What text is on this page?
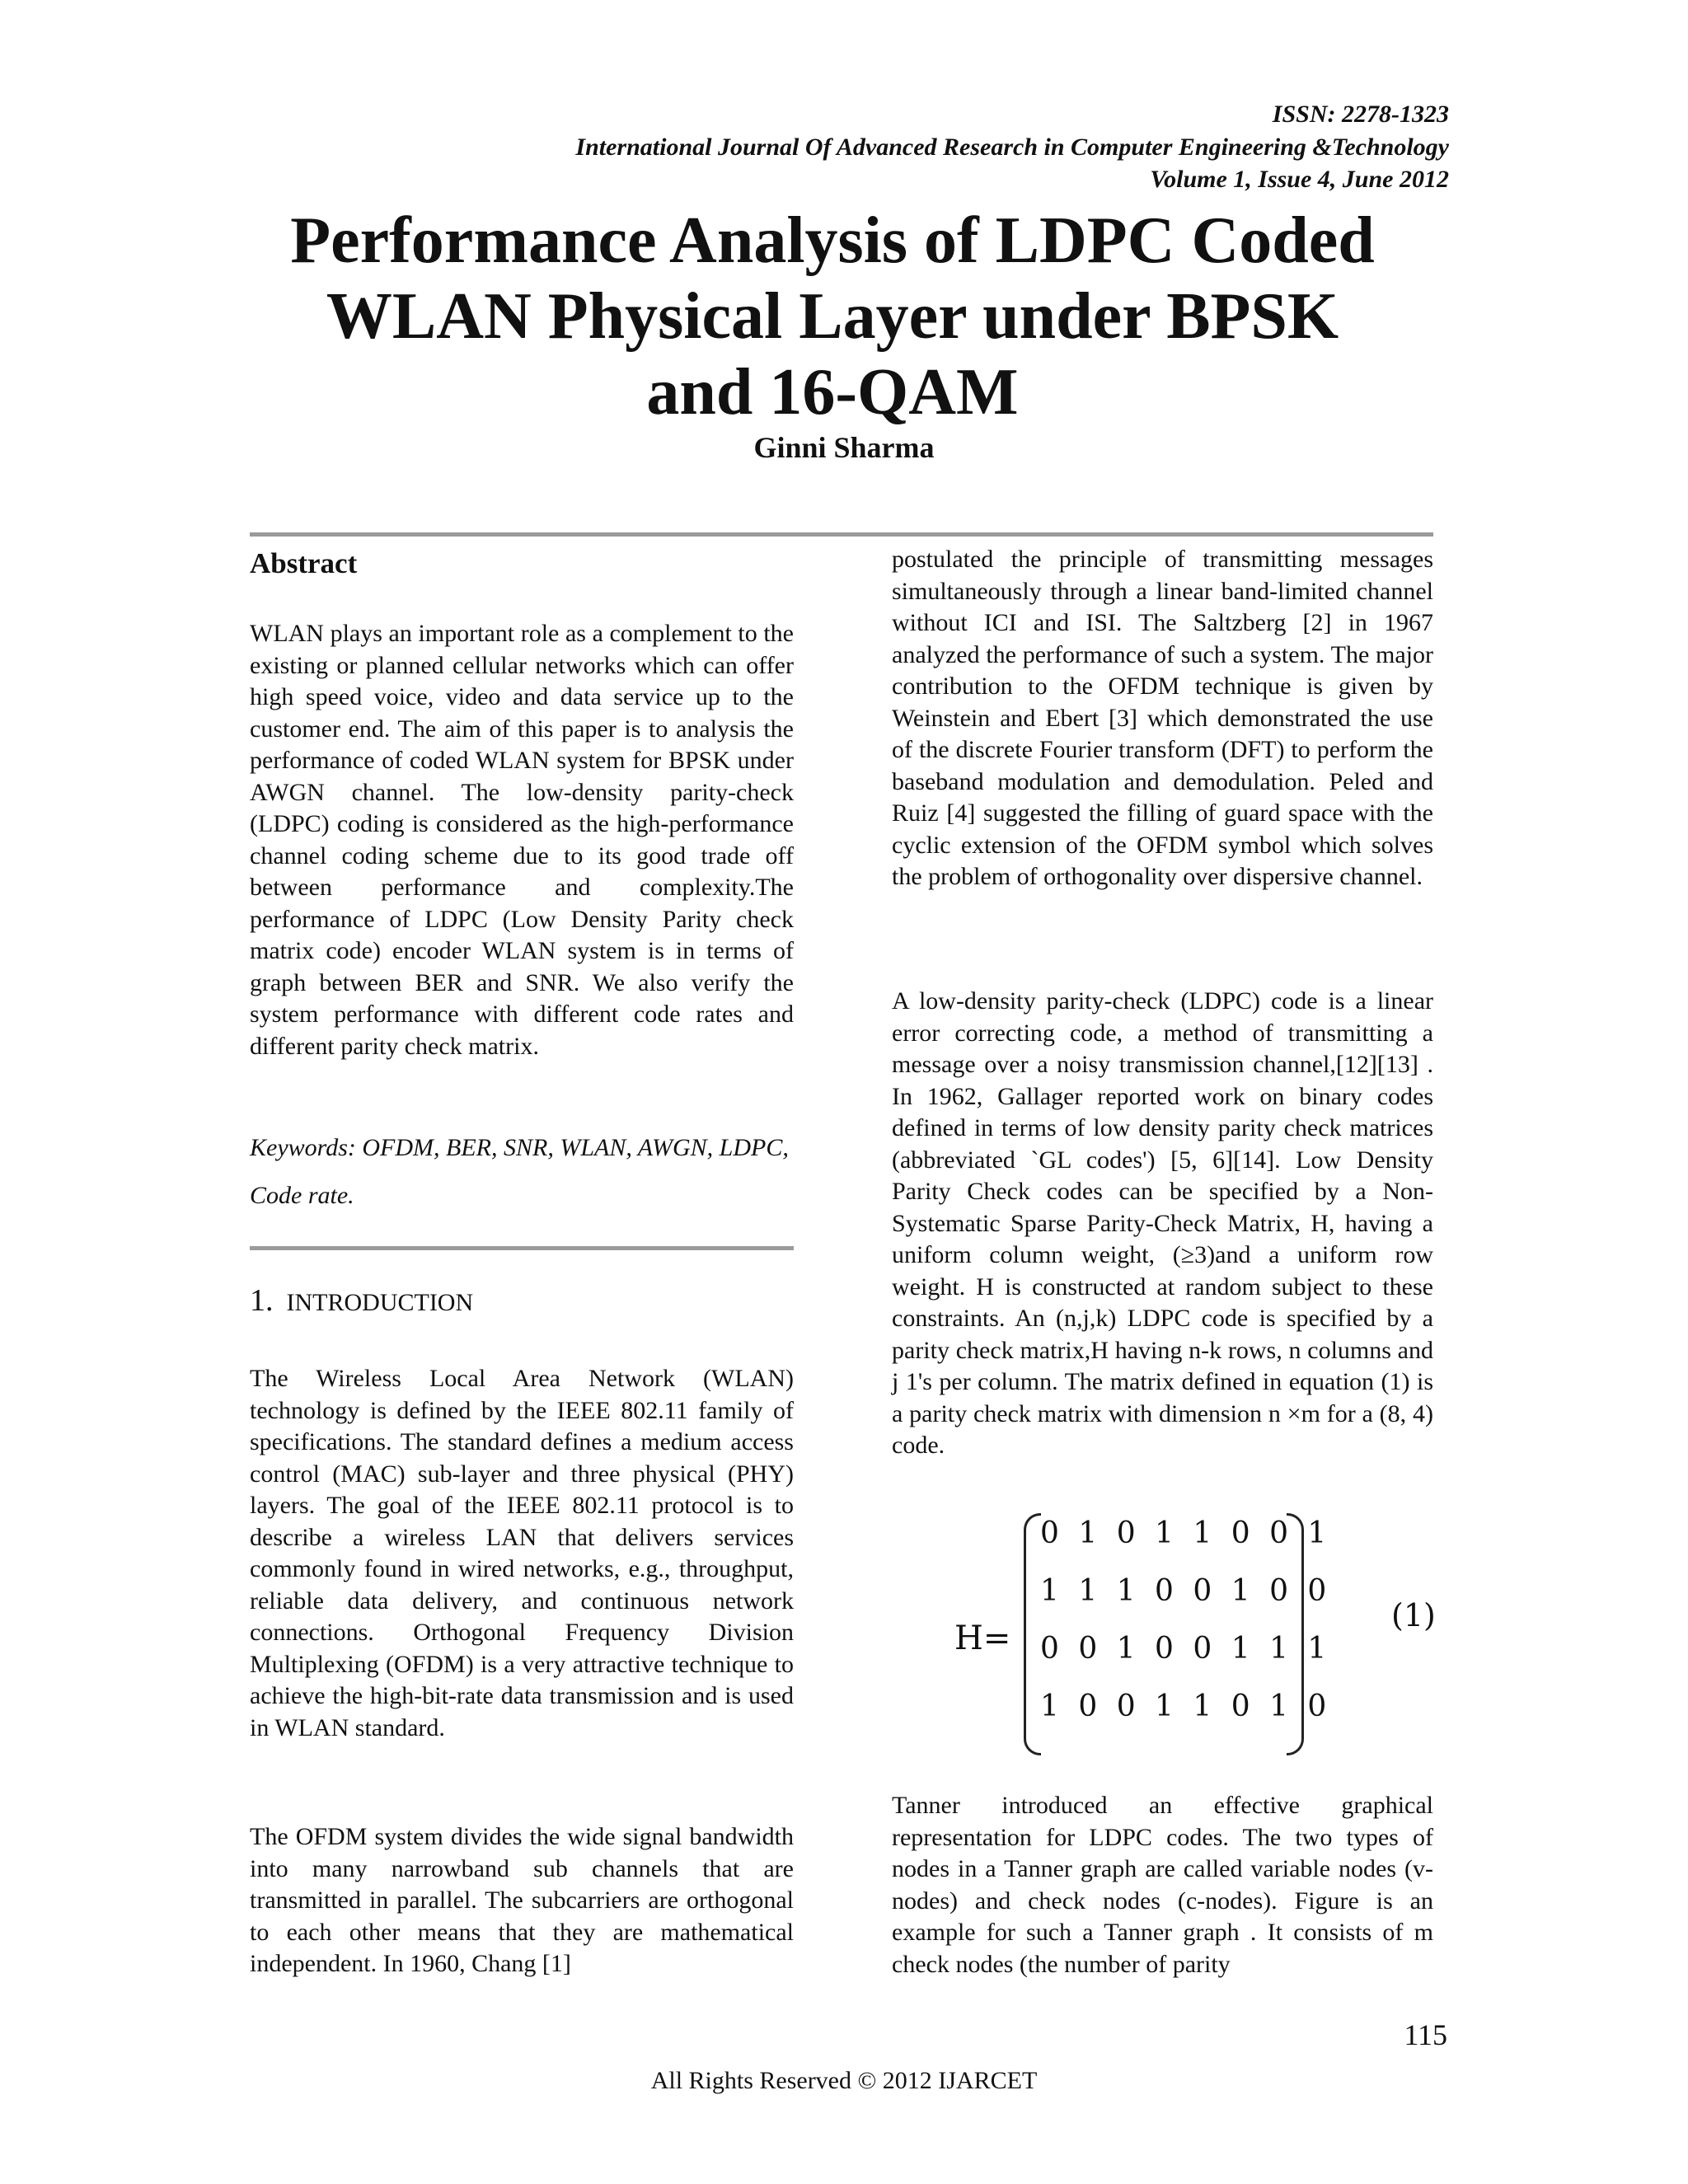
ISSN: 2278-1323
International Journal Of Advanced Research in Computer Engineering &Technology
Volume 1, Issue 4, June 2012
Performance Analysis of LDPC Coded
WLAN Physical Layer under BPSK
and 16-QAM
Ginni Sharma
Abstract

WLAN plays an important role as a complement to the existing or planned cellular networks which can offer high speed voice, video and data service up to the customer end. The aim of this paper is to analysis the performance of coded WLAN system for BPSK under AWGN channel. The low-density parity-check (LDPC) coding is considered as the high-performance channel coding scheme due to its good trade off between performance and complexity.The performance of LDPC (Low Density Parity check matrix code) encoder WLAN system is in terms of graph between BER and SNR. We also verify the system performance with different code rates and different parity check matrix.

Keywords: OFDM, BER, SNR, WLAN, AWGN, LDPC, Code rate.
1. INTRODUCTION

The Wireless Local Area Network (WLAN) technology is defined by the IEEE 802.11 family of specifications. The standard defines a medium access control (MAC) sub-layer and three physical (PHY) layers. The goal of the IEEE 802.11 protocol is to describe a wireless LAN that delivers services commonly found in wired networks, e.g., throughput, reliable data delivery, and continuous network connections. Orthogonal Frequency Division Multiplexing (OFDM) is a very attractive technique to achieve the high-bit-rate data transmission and is used in WLAN standard.

The OFDM system divides the wide signal bandwidth into many narrowband sub channels that are transmitted in parallel. The subcarriers are orthogonal to each other means that they are mathematical independent. In 1960, Chang [1]

postulated the principle of transmitting messages simultaneously through a linear band-limited channel without ICI and ISI. The Saltzberg [2] in 1967 analyzed the performance of such a system. The major contribution to the OFDM technique is given by Weinstein and Ebert [3] which demonstrated the use of the discrete Fourier transform (DFT) to perform the baseband modulation and demodulation. Peled and Ruiz [4] suggested the filling of guard space with the cyclic extension of the OFDM symbol which solves the problem of orthogonality over dispersive channel.

A low-density parity-check (LDPC) code is a linear error correcting code, a method of transmitting a message over a noisy transmission channel,[12][13] . In 1962, Gallager reported work on binary codes defined in terms of low density parity check matrices (abbreviated `GL codes') [5, 6][14]. Low Density Parity Check codes can be specified by a Non-Systematic Sparse Parity-Check Matrix, H, having a uniform column weight, (≥3)and a uniform row weight. H is constructed at random subject to these constraints. An (n,j,k) LDPC code is specified by a parity check matrix,H having n-k rows, n columns and j 1's per column. The matrix defined in equation (1) is a parity check matrix with dimension n ×m for a (8, 4) code.

H=
0 1 0 1 1 0 0 1
1 1 1 0 0 1 0 0
0 0 1 0 0 1 1 1
1 0 0 1 1 0 1 0
(1)

Tanner introduced an effective graphical representation for LDPC codes. The two types of nodes in a Tanner graph are called variable nodes (v-nodes) and check nodes (c-nodes). Figure is an example for such a Tanner graph . It consists of m check nodes (the number of parity

115
All Rights Reserved © 2012 IJARCET
